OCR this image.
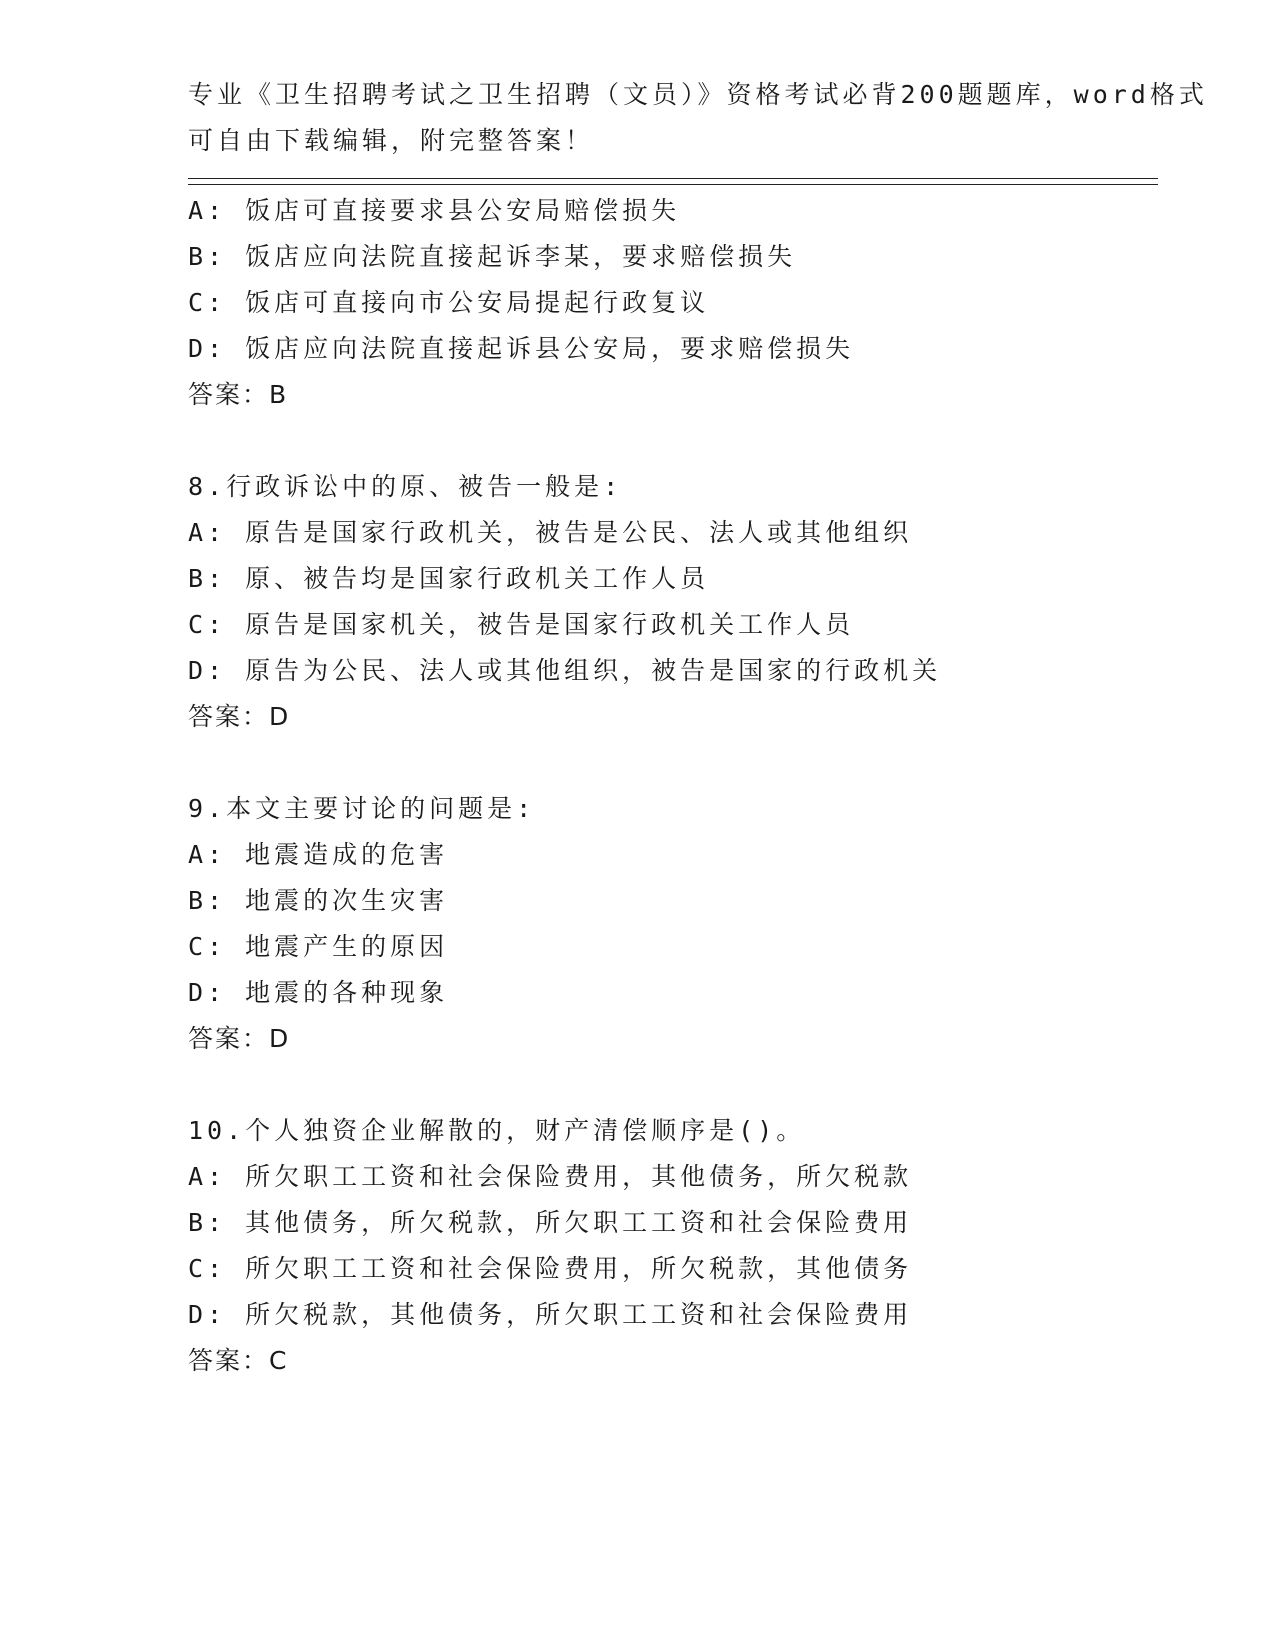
专业《卫生招聘考试之卫生招聘（文员）》资格考试必背200题题库，word格式
可自由下载编辑，附完整答案！
A: 饭店可直接要求县公安局赔偿损失
B: 饭店应向法院直接起诉李某，要求赔偿损失
C: 饭店可直接向市公安局提起行政复议
D: 饭店应向法院直接起诉县公安局，要求赔偿损失
答案：B
8.行政诉讼中的原、被告一般是:
A: 原告是国家行政机关，被告是公民、法人或其他组织
B: 原、被告均是国家行政机关工作人员
C: 原告是国家机关，被告是国家行政机关工作人员
D: 原告为公民、法人或其他组织，被告是国家的行政机关
答案：D
9.本文主要讨论的问题是:
A: 地震造成的危害
B: 地震的次生灾害
C: 地震产生的原因
D: 地震的各种现象
答案：D
10.个人独资企业解散的，财产清偿顺序是()。
A: 所欠职工工资和社会保险费用，其他债务，所欠税款
B: 其他债务，所欠税款，所欠职工工资和社会保险费用
C: 所欠职工工资和社会保险费用，所欠税款，其他债务
D: 所欠税款，其他债务，所欠职工工资和社会保险费用
答案：C
